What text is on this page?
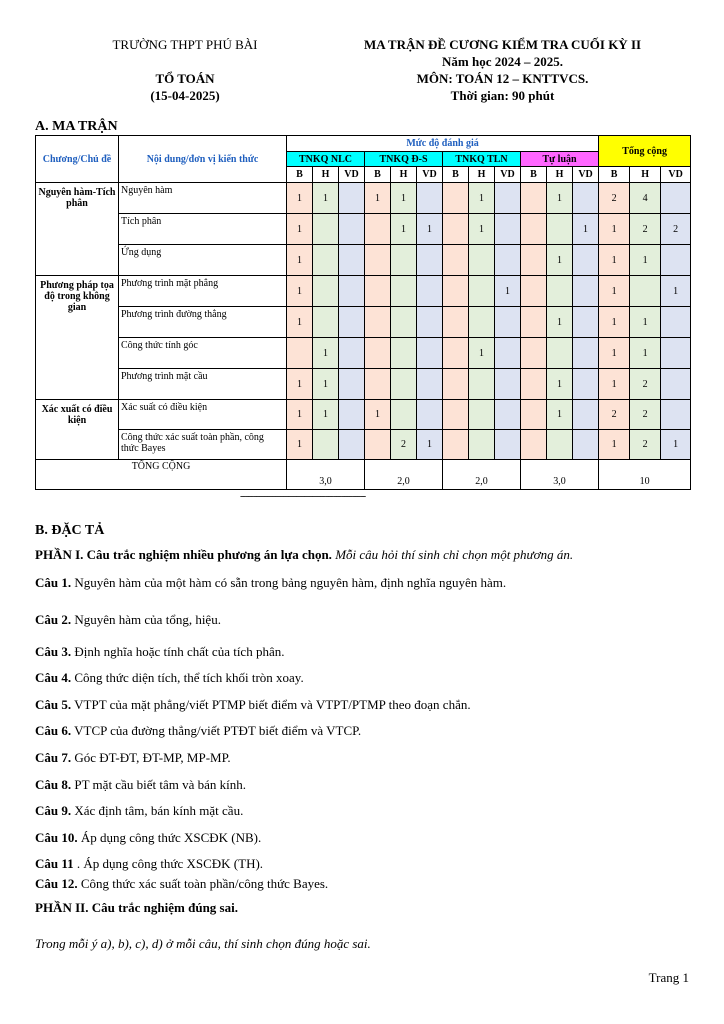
TRƯỜNG THPT PHÚ BÀI
TỔ TOÁN
(15-04-2025)
MA TRẬN ĐỀ CƯƠNG KIỂM TRA CUỐI KỲ II
Năm học 2024 – 2025.
MÔN: TOÁN 12 – KNTTVCS.
Thời gian: 90 phút
A. MA TRẬN
Chương/Chủ đề	Nội dung/đơn vị kiến thức	Mức độ đánh giá												Tổng cộng		
		TNKQ NLC			TNKQ Đ-S			TNKQ TLN			Tự luận					
		B	H	VD	B	H	VD	B	H	VD	B	H	VD	B	H	VD
Nguyên hàm-Tích phân	Nguyên hàm	1	1		1	1			1			1		2	4	
	Tích phân	1				1	1		1				1	1	2	2
	Ứng dụng	1										1		1	1	
Phương pháp tọa độ trong không gian	Phương trình mặt phẳng	1								1				1		1
	Phương trình đường thẳng	1										1		1	1	
	Công thức tính góc		1						1					1	1	
	Phương trình mặt cầu	1	1									1		1	2	
Xác xuất có điều kiện	Xác suất có điều kiện	1	1		1							1		2	2	
	Công thức xác suất toàn phần, công thức Bayes	1				2	1							1	2	1
TỔNG CỘNG		3,0			2,0			2,0			3,0			10		
-----------------------------------------------
B. ĐẶC TẢ
PHẦN I. Câu trắc nghiệm nhiều phương án lựa chọn. Mỗi câu hỏi thí sinh chỉ chọn một phương án.
Câu 1. Nguyên hàm của một hàm có sẵn trong bảng nguyên hàm, định nghĩa nguyên hàm.
Câu 2. Nguyên hàm của tổng, hiệu.
Câu 3. Định nghĩa hoặc tính chất của tích phân.
Câu 4. Công thức diện tích, thể tích khối tròn xoay.
Câu 5. VTPT của mặt phẳng/viết PTMP biết điểm và VTPT/PTMP theo đoạn chắn.
Câu 6. VTCP của đường thẳng/viết PTĐT biết điểm và VTCP.
Câu 7. Góc ĐT-ĐT, ĐT-MP, MP-MP.
Câu 8. PT mặt cầu biết tâm và bán kính.
Câu 9. Xác định tâm, bán kính mặt cầu.
Câu 10. Áp dụng công thức XSCĐK (NB).
Câu 11 . Áp dụng công thức XSCĐK (TH).
Câu 12. Công thức xác suất toàn phần/công thức Bayes.
PHẦN II. Câu trắc nghiệm đúng sai.
Trong mỗi ý a), b), c), d) ở mỗi câu, thí sinh chọn đúng hoặc sai.
Trang 1
